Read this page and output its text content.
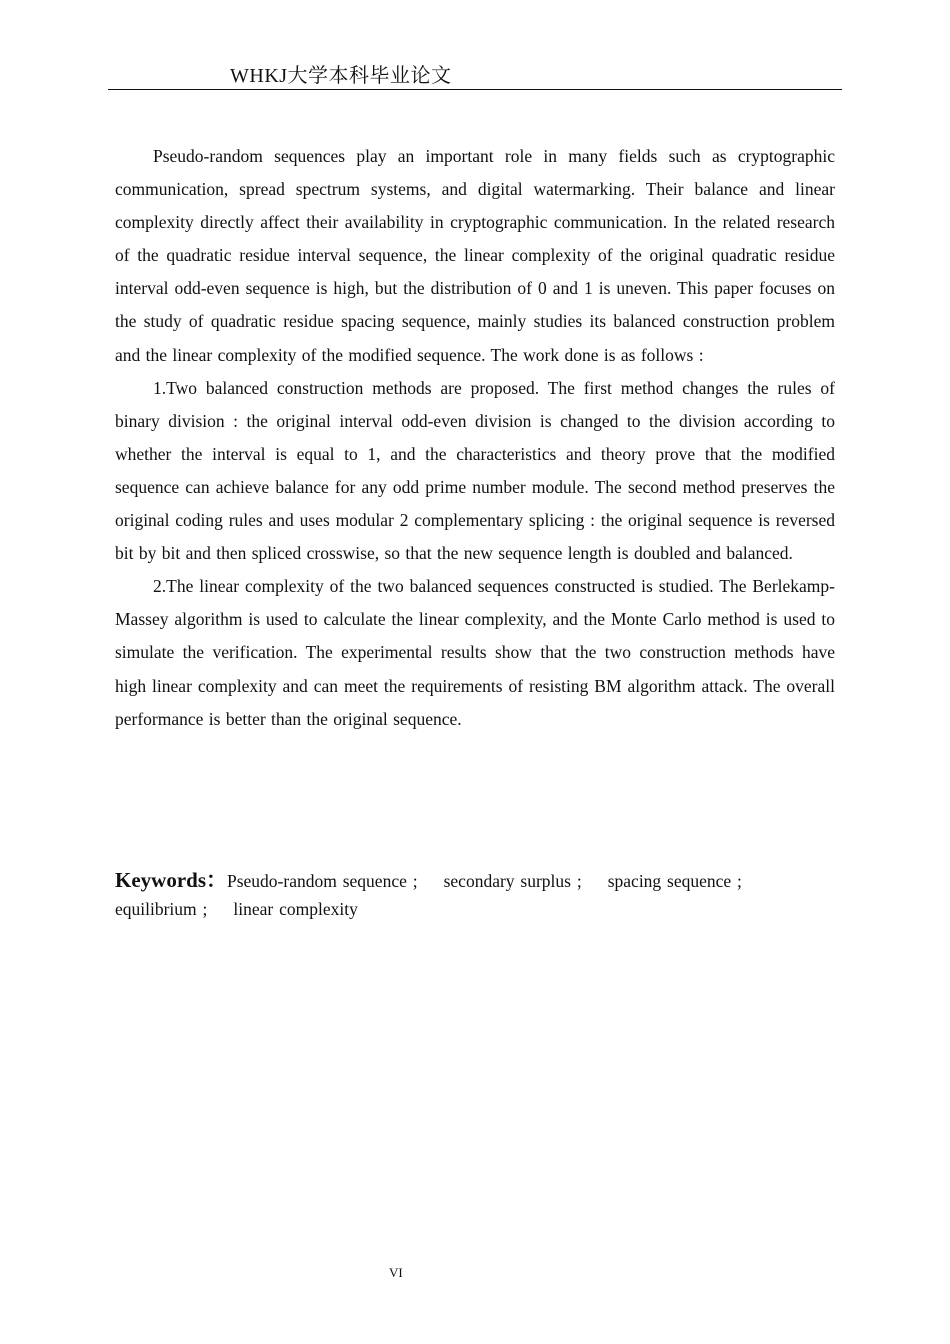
WHKJ大学本科毕业论文

Pseudo-random sequences play an important role in many fields such as cryptographic communication, spread spectrum systems, and digital watermarking. Their balance and linear complexity directly affect their availability in cryptographic communication. In the related research of the quadratic residue interval sequence, the linear complexity of the original quadratic residue interval odd-even sequence is high, but the distribution of 0 and 1 is uneven. This paper focuses on the study of quadratic residue spacing sequence, mainly studies its balanced construction problem and the linear complexity of the modified sequence. The work done is as follows :

1.Two balanced construction methods are proposed. The first method changes the rules of binary division : the original interval odd-even division is changed to the division according to whether the interval is equal to 1, and the characteristics and theory prove that the modified sequence can achieve balance for any odd prime number module. The second method preserves the original coding rules and uses modular 2 complementary splicing : the original sequence is reversed bit by bit and then spliced crosswise, so that the new sequence length is doubled and balanced.

2.The linear complexity of the two balanced sequences constructed is studied. The Berlekamp-Massey algorithm is used to calculate the linear complexity, and the Monte Carlo method is used to simulate the verification. The experimental results show that the two construction methods have high linear complexity and can meet the requirements of resisting BM algorithm attack. The overall performance is better than the original sequence.

Keywords：Pseudo-random sequence ; secondary surplus ; spacing sequence ;
equilibrium ; linear complexity
VI
